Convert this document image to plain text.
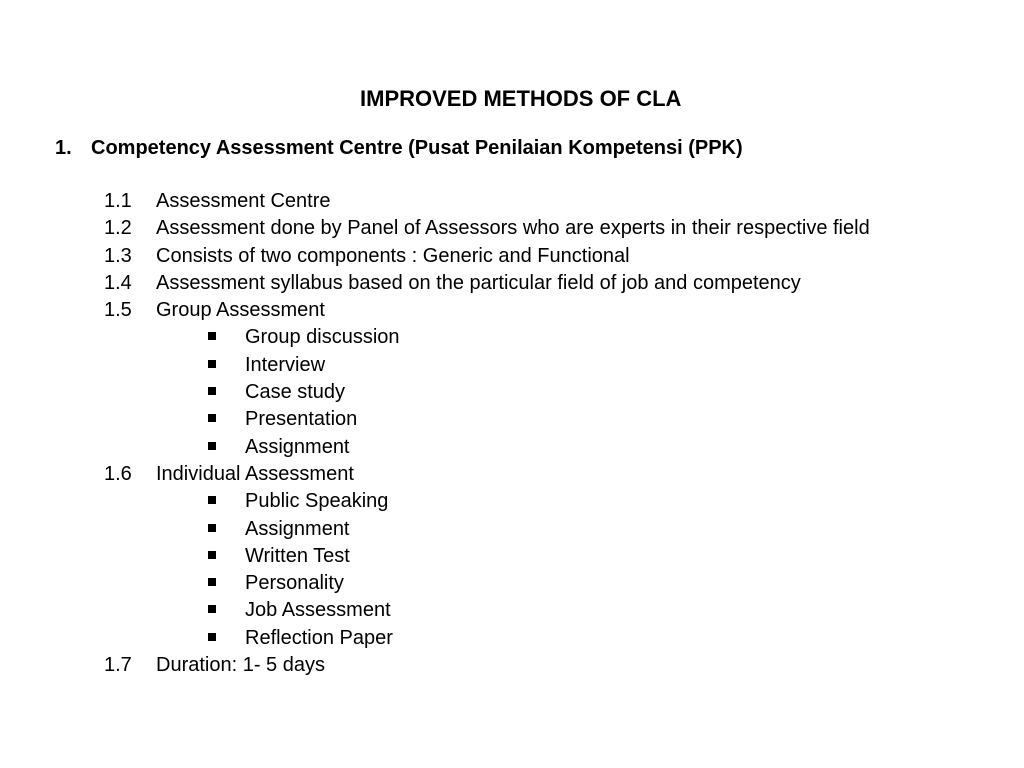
IMPROVED METHODS OF CLA
1. Competency Assessment Centre (Pusat Penilaian Kompetensi (PPK)
1.1 Assessment Centre
1.2 Assessment done by Panel of Assessors who are experts in their respective field
1.3 Consists of two components : Generic and Functional
1.4 Assessment syllabus based on the particular field of job and competency
1.5 Group Assessment
Group discussion
Interview
Case study
Presentation
Assignment
1.6 Individual Assessment
Public Speaking
Assignment
Written Test
Personality
Job Assessment
Reflection Paper
1.7 Duration: 1- 5 days
